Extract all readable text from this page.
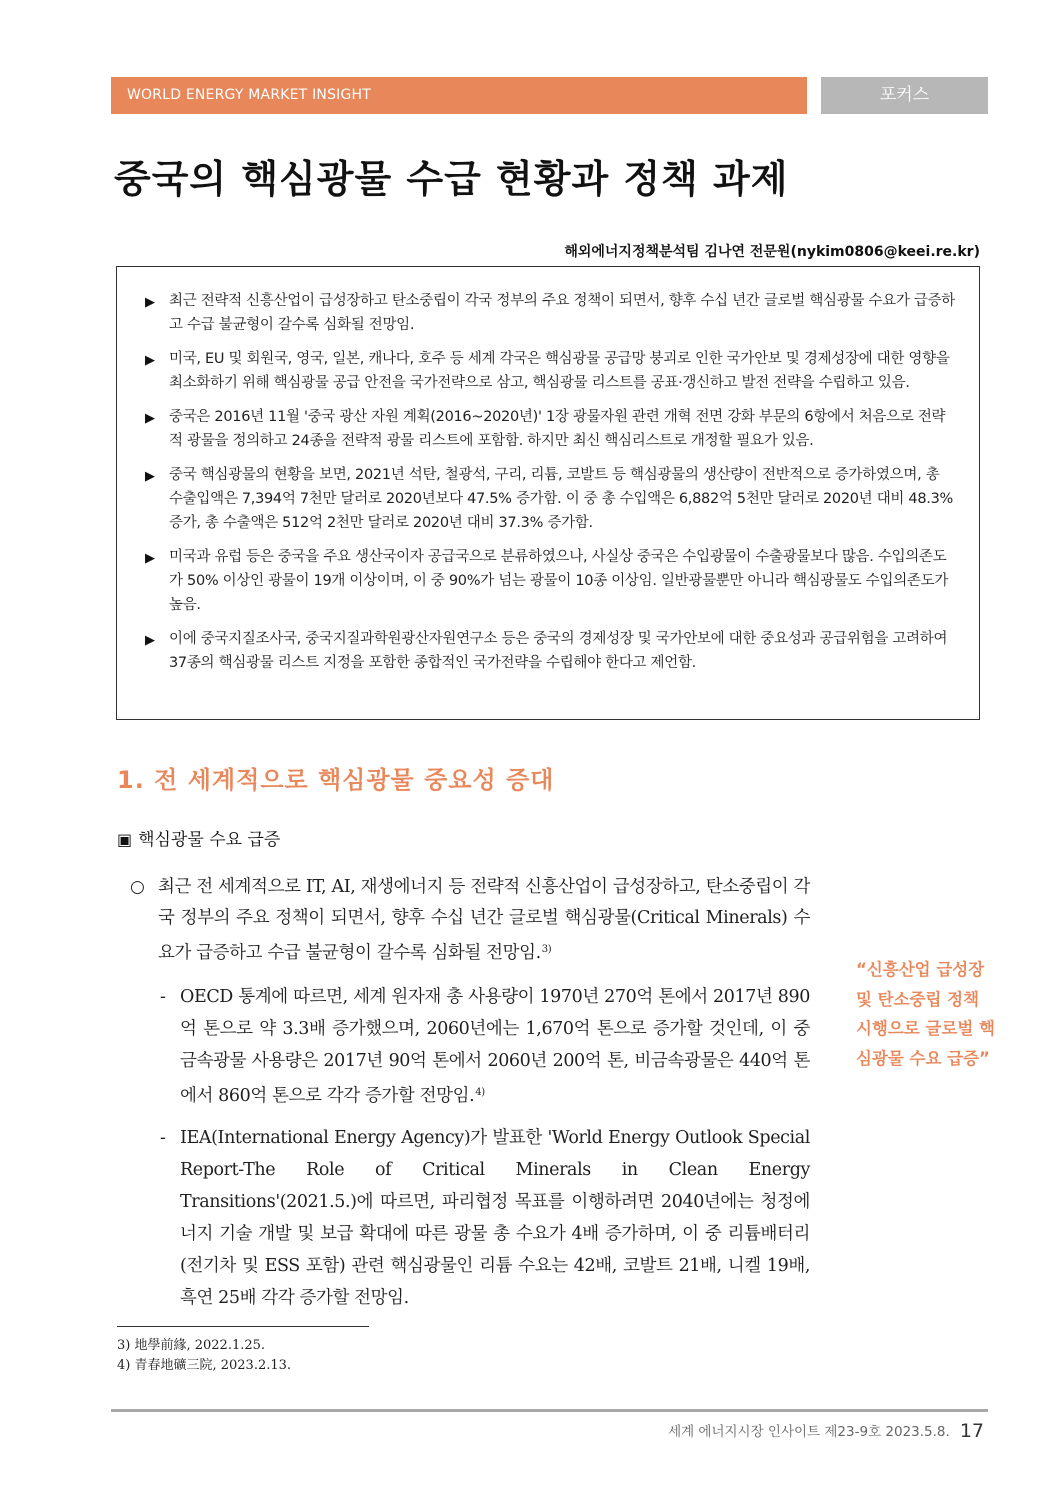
WORLD ENERGY MARKET INSIGHT	포커스
중국의 핵심광물 수급 현황과 정책 과제
해외에너지정책분석팀 김나연 전문원(nykim0806@keei.re.kr)
▶ 최근 전략적 신흥산업이 급성장하고 탄소중립이 각국 정부의 주요 정책이 되면서, 향후 수십 년간 글로벌 핵심광물 수요가 급증하고 수급 불균형이 갈수록 심화될 전망임.
▶ 미국, EU 및 회원국, 영국, 일본, 캐나다, 호주 등 세계 각국은 핵심광물 공급망 붕괴로 인한 국가안보 및 경제성장에 대한 영향을 최소화하기 위해 핵심광물 공급 안전을 국가전략으로 삼고, 핵심광물 리스트를 공표·갱신하고 발전 전략을 수립하고 있음.
▶ 중국은 2016년 11월 '중국 광산 자원 계획(2016~2020년)' 1장 광물자원 관련 개혁 전면 강화 부문의 6항에서 처음으로 전략적 광물을 정의하고 24종을 전략적 광물 리스트에 포함함. 하지만 최신 핵심리스트로 개정할 필요가 있음.
▶ 중국 핵심광물의 현황을 보면, 2021년 석탄, 철광석, 구리, 리튬, 코발트 등 핵심광물의 생산량이 전반적으로 증가하였으며, 총 수출입액은 7,394억 7천만 달러로 2020년보다 47.5% 증가함. 이 중 총 수입액은 6,882억 5천만 달러로 2020년 대비 48.3% 증가, 총 수출액은 512억 2천만 달러로 2020년 대비 37.3% 증가함.
▶ 미국과 유럽 등은 중국을 주요 생산국이자 공급국으로 분류하였으나, 사실상 중국은 수입광물이 수출광물보다 많음. 수입의존도가 50% 이상인 광물이 19개 이상이며, 이 중 90%가 넘는 광물이 10종 이상임. 일반광물뿐만 아니라 핵심광물도 수입의존도가 높음.
▶ 이에 중국지질조사국, 중국지질과학원광산자원연구소 등은 중국의 경제성장 및 국가안보에 대한 중요성과 공급위험을 고려하여 37종의 핵심광물 리스트 지정을 포함한 종합적인 국가전략을 수립해야 한다고 제언함.
1. 전 세계적으로 핵심광물 중요성 증대
▣ 핵심광물 수요 급증
○ 최근 전 세계적으로 IT, AI, 재생에너지 등 전략적 신흥산업이 급성장하고, 탄소중립이 각국 정부의 주요 정책이 되면서, 향후 수십 년간 글로벌 핵심광물(Critical Minerals) 수요가 급증하고 수급 불균형이 갈수록 심화될 전망임.$^{3)}$
- OECD 통계에 따르면, 세계 원자재 총 사용량이 1970년 270억 톤에서 2017년 890억 톤으로 약 3.3배 증가했으며, 2060년에는 1,670억 톤으로 증가할 것인데, 이 중 금속광물 사용량은 2017년 90억 톤에서 2060년 200억 톤, 비금속광물은 440억 톤에서 860억 톤으로 각각 증가할 전망임.$^{4)}$
- IEA(International Energy Agency)가 발표한 'World Energy Outlook Special Report-The Role of Critical Minerals in Clean Energy Transitions'(2021.5.)에 따르면, 파리협정 목표를 이행하려면 2040년에는 청정에너지 기술 개발 및 보급 확대에 따른 광물 총 수요가 4배 증가하며, 이 중 리튬배터리(전기차 및 ESS 포함) 관련 핵심광물인 리튬 수요는 42배, 코발트 21배, 니켈 19배, 흑연 25배 각각 증가할 전망임.
“신흥산업 급성장 및 탄소중립 정책 시행으로 글로벌 핵심광물 수요 급증”
3) 地學前緣, 2022.1.25.
4) 青春地礦三院, 2023.2.13.
세계 에너지시장 인사이트 제23-9호 2023.5.8. 17
